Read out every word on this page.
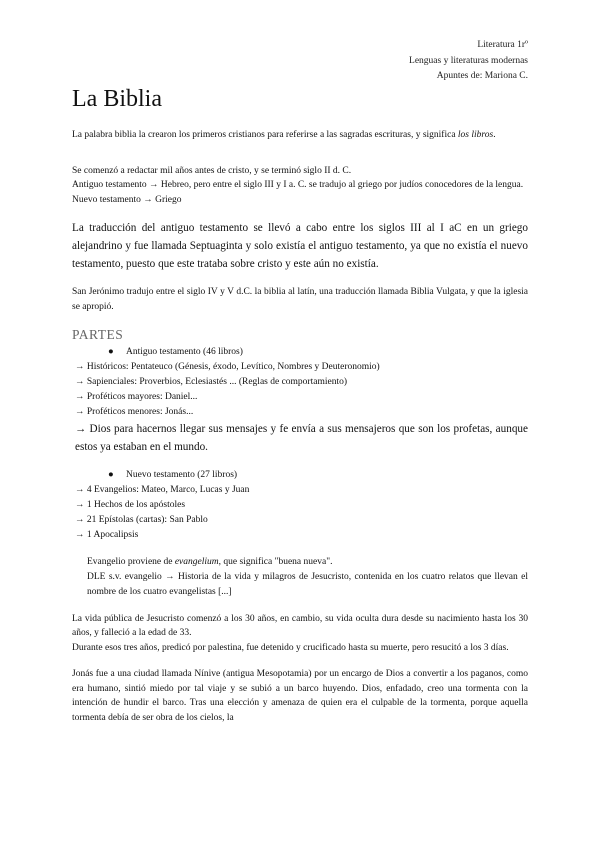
Literatura 1rº
Lenguas y literaturas modernas
Apuntes de: Mariona C.
La Biblia

La palabra biblia la crearon los primeros cristianos para referirse a las sagradas escrituras, y significa los libros.

Se comenzó a redactar mil años antes de cristo, y se terminó siglo II d. C.

Antiguo testamento → Hebreo, pero entre el siglo III y I a. C. se tradujo al griego por judíos conocedores de la lengua.

Nuevo testamento → Griego

La traducción del antiguo testamento se llevó a cabo entre los siglos III al I aC en un griego alejandrino y fue llamada Septuaginta y solo existía el antiguo testamento, ya que no existía el nuevo testamento, puesto que este trataba sobre cristo y este aún no existía.

San Jerónimo tradujo entre el siglo IV y V d.C. la biblia al latín, una traducción llamada Biblia Vulgata, y que la iglesia se apropió.

PARTES
● Antiguo testamento (46 libros)
→ Históricos: Pentateuco (Génesis, éxodo, Levítico, Nombres y Deuteronomio)
→ Sapienciales: Proverbios, Eclesiastés ... (Reglas de comportamiento)
→ Proféticos mayores: Daniel...
→ Proféticos menores: Jonás...

→ Dios para hacernos llegar sus mensajes y fe envía a sus mensajeros que son los profetas, aunque estos ya estaban en el mundo.

● Nuevo testamento (27 libros)
→ 4 Evangelios: Mateo, Marco, Lucas y Juan
→ 1 Hechos de los apóstoles
→ 21 Epístolas (cartas): San Pablo
→ 1 Apocalipsis

Evangelio proviene de evangelium, que significa "buena nueva".

DLE s.v. evangelio → Historia de la vida y milagros de Jesucristo, contenida en los cuatro relatos que llevan el nombre de los cuatro evangelistas [...]

La vida pública de Jesucristo comenzó a los 30 años, en cambio, su vida oculta dura desde su nacimiento hasta los 30 años, y falleció a la edad de 33.

Durante esos tres años, predicó por palestina, fue detenido y crucificado hasta su muerte, pero resucitó a los 3 días.

Jonás fue a una ciudad llamada Nínive (antigua Mesopotamia) por un encargo de Dios a convertir a los paganos, como era humano, sintió miedo por tal viaje y se subió a un barco huyendo. Dios, enfadado, creo una tormenta con la intención de hundir el barco. Tras una elección y amenaza de quien era el culpable de la tormenta, porque aquella tormenta debía de ser obra de los cielos, la
